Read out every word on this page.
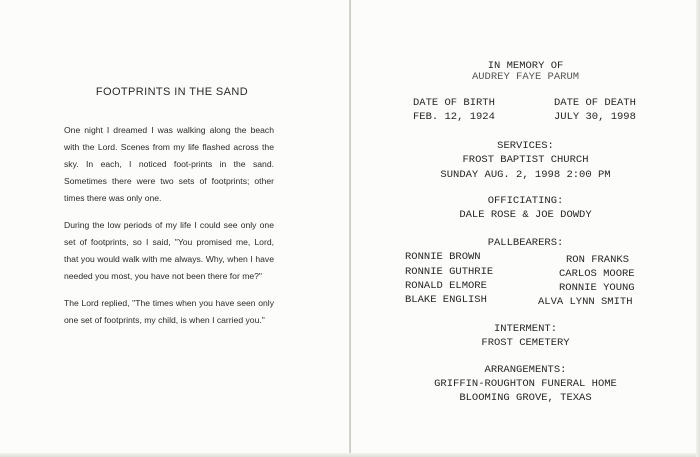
FOOTPRINTS IN THE SAND

One night I dreamed I was walking along the beach with the Lord. Scenes from my life flashed across the sky. In each, I noticed foot-prints in the sand. Sometimes there were two sets of footprints; other times there was only one.

During the low periods of my life I could see only one set of footprints, so I said, "You promised me, Lord, that you would walk with me always. Why, when I have needed you most, you have not been there for me?"

The Lord replied, "The times when you have seen only one set of footprints, my child, is when I carried you."

IN MEMORY OF
AUDREY FAYE PARUM
DATE OF BIRTH
FEB. 12, 1924
DATE OF DEATH
JULY 30, 1998
SERVICES:
FROST BAPTIST CHURCH
SUNDAY AUG. 2, 1998 2:00 PM
OFFICIATING:
DALE ROSE & JOE DOWDY
PALLBEARERS:
RONNIE BROWN
RONNIE GUTHRIE
RONALD ELMORE
BLAKE ENGLISH
RON FRANKS
CARLOS MOORE
RONNIE YOUNG
ALVA LYNN SMITH
INTERMENT:
FROST CEMETERY
ARRANGEMENTS:
GRIFFIN-ROUGHTON FUNERAL HOME
BLOOMING GROVE, TEXAS
